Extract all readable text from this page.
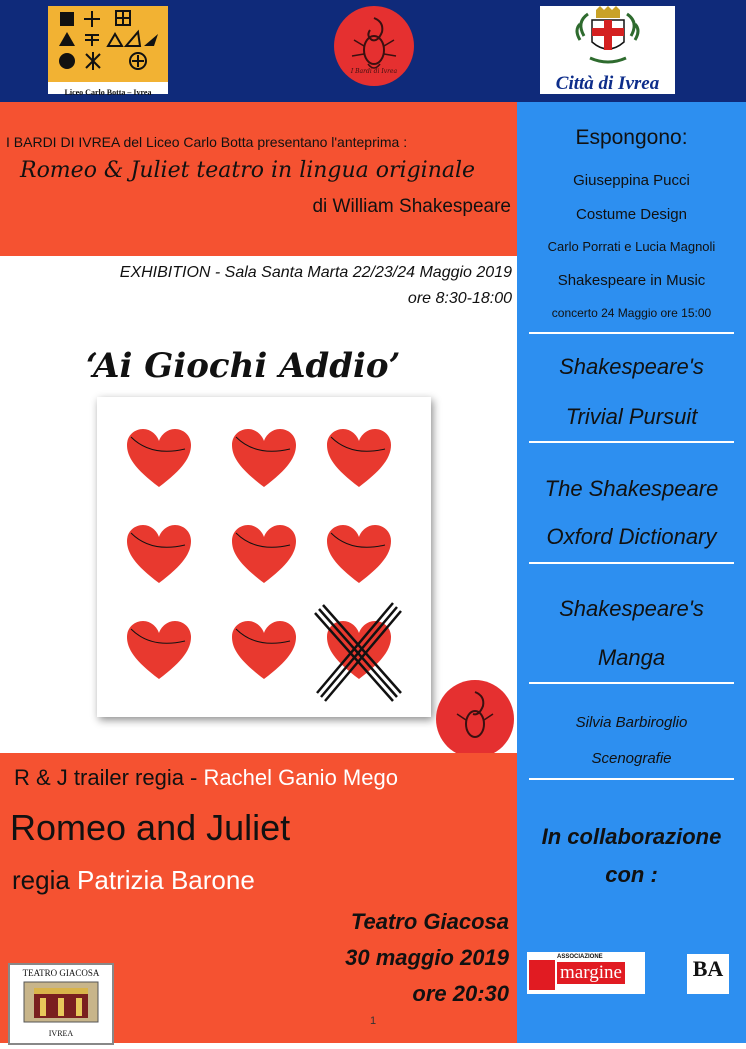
Liceo Carlo Botta – Ivrea
I Bardi di Ivrea
Città di Ivrea
I BARDI DI IVREA del Liceo Carlo Botta presentano l'anteprima :
Romeo & Juliet teatro in lingua originale
di William Shakespeare
EXHIBITION - Sala Santa Marta 22/23/24 Maggio 2019
ore 8:30-18:00
‘Ai Giochi Addio’
R & J trailer regia - Rachel Ganio Mego
Romeo and Juliet
regia Patrizia Barone
Teatro Giacosa
30 maggio 2019
ore 20:30
1
TEATRO GIACOSA
IVREA
Espongono:
Giuseppina Pucci
Costume Design
Carlo Porrati e Lucia Magnoli
Shakespeare in Music
concerto 24 Maggio ore 15:00
Shakespeare's
Trivial Pursuit
The Shakespeare
Oxford Dictionary
Shakespeare's
Manga
Silvia Barbiroglio
Scenografie
In collaborazione
con :
ASSOCIAZIONE
margine	BA
